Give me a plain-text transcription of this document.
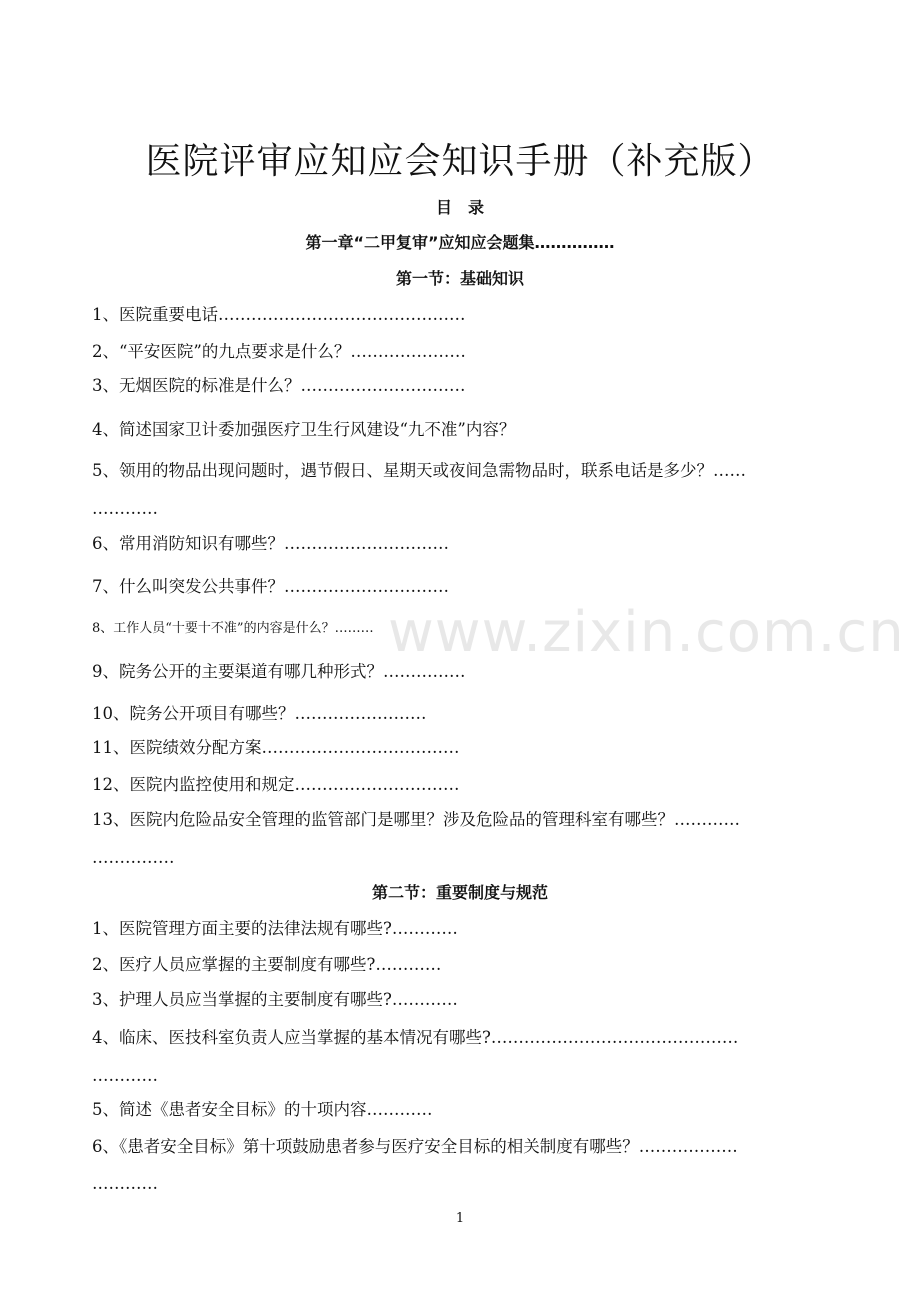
医院评审应知应会知识手册（补充版）
目　录
第一章“二甲复审”应知应会题集……………
第一节：基础知识
1、医院重要电话………………………………………
2、“平安医院”的九点要求是什么？…………………
3、无烟医院的标准是什么？…………………………
4、简述国家卫计委加强医疗卫生行风建设“九不准”内容？
5、领用的物品出现问题时，遇节假日、星期天或夜间急需物品时，联系电话是多少？……
…………
6、常用消防知识有哪些？…………………………
7、什么叫突发公共事件？…………………………
8、工作人员“十要十不准”的内容是什么？………
9、院务公开的主要渠道有哪几种形式？……………
10、院务公开项目有哪些？……………………
11、医院绩效分配方案………………………………
12、医院内监控使用和规定…………………………
13、医院内危险品安全管理的监管部门是哪里？涉及危险品的管理科室有哪些？…………
……………
第二节：重要制度与规范
1、医院管理方面主要的法律法规有哪些?…………
2、医疗人员应掌握的主要制度有哪些?…………
3、护理人员应当掌握的主要制度有哪些?…………
4、临床、医技科室负责人应当掌握的基本情况有哪些?………………………………………
…………
5、简述《患者安全目标》的十项内容…………
6、《患者安全目标》第十项鼓励患者参与医疗安全目标的相关制度有哪些？………………
…………
www.zixin.com.cn
1
